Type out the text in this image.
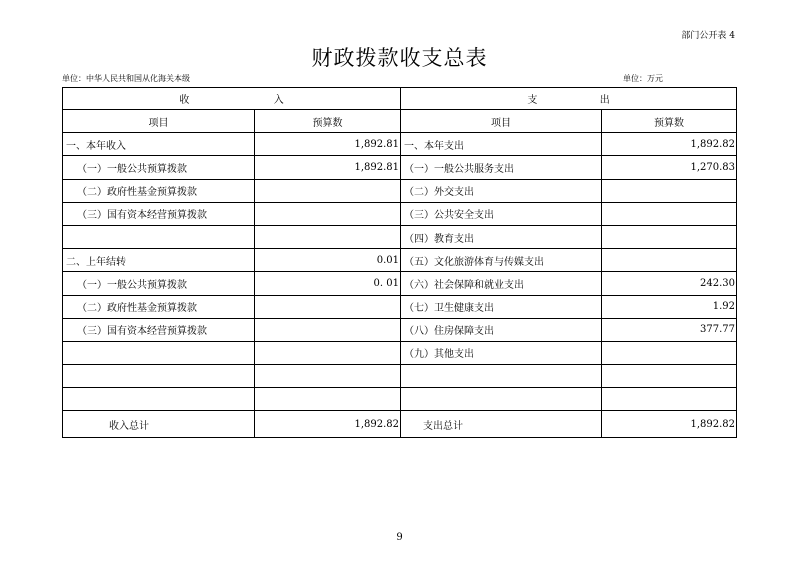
部门公开表 4
财政拨款收支总表
单位：中华人民共和国从化海关本级	单位：万元
收 入		支 出	
项目	预算数	项目	预算数
一、本年收入	1,892.81	一、本年支出	1,892.82
（一）一般公共预算拨款	1,892.81	（一）一般公共服务支出	1,270.83
（二）政府性基金预算拨款		（二）外交支出	
（三）国有资本经营预算拨款		（三）公共安全支出	
		（四）教育支出	
二、上年结转	0.01	（五）文化旅游体育与传媒支出	
（一）一般公共预算拨款	0. 01	（六）社会保障和就业支出	242.30
（二）政府性基金预算拨款		（七）卫生健康支出	1.92
（三）国有资本经营预算拨款		（八）住房保障支出	377.77
		（九）其他支出	

收入总计	1,892.82	支出总计	1,892.82
9
